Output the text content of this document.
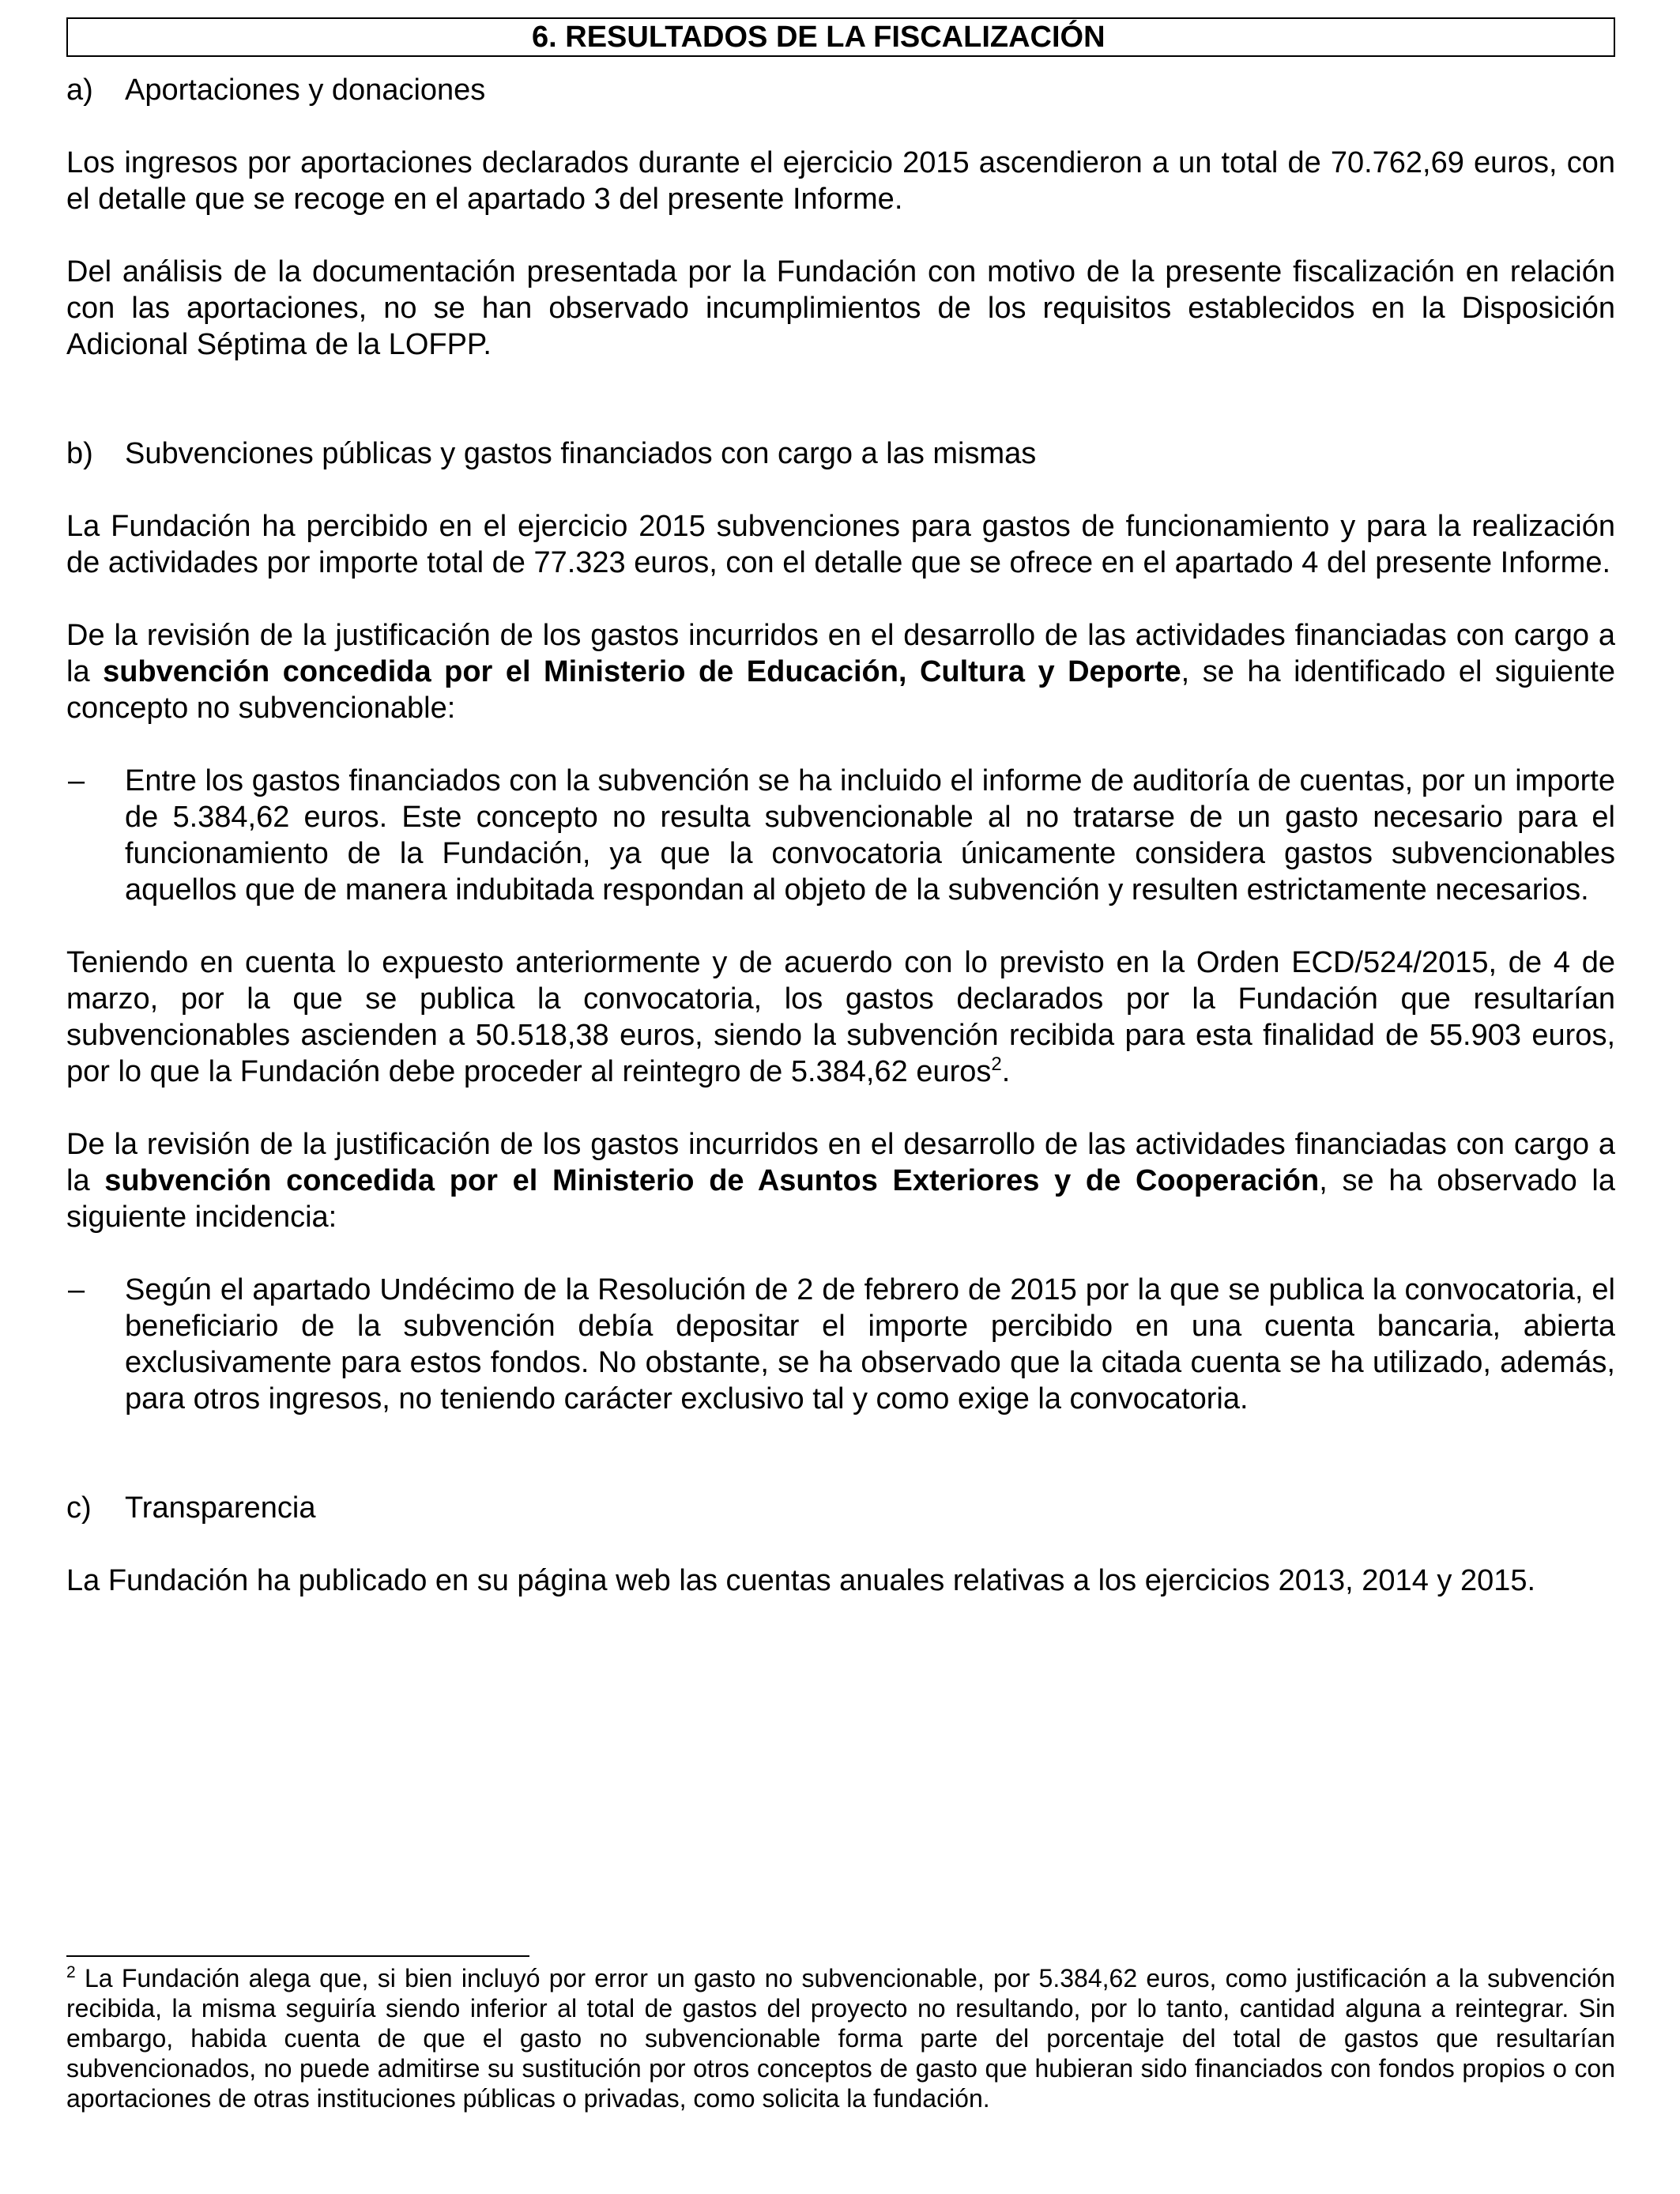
6. RESULTADOS DE LA FISCALIZACIÓN
a)	Aportaciones y donaciones

Los ingresos por aportaciones declarados durante el ejercicio 2015 ascendieron a un total de 70.762,69 euros, con el detalle que se recoge en el apartado 3 del presente Informe.

Del análisis de la documentación presentada por la Fundación con motivo de la presente fiscalización en relación con las aportaciones, no se han observado incumplimientos de los requisitos establecidos en la Disposición Adicional Séptima de la LOFPP.

b)	Subvenciones públicas y gastos financiados con cargo a las mismas

La Fundación ha percibido en el ejercicio 2015 subvenciones para gastos de funcionamiento y para la realización de actividades por importe total de 77.323 euros, con el detalle que se ofrece en el apartado 4 del presente Informe.

De la revisión de la justificación de los gastos incurridos en el desarrollo de las actividades financiadas con cargo a la subvención concedida por el Ministerio de Educación, Cultura y Deporte, se ha identificado el siguiente concepto no subvencionable:

–	Entre los gastos financiados con la subvención se ha incluido el informe de auditoría de cuentas, por un importe de 5.384,62 euros. Este concepto no resulta subvencionable al no tratarse de un gasto necesario para el funcionamiento de la Fundación, ya que la convocatoria únicamente considera gastos subvencionables aquellos que de manera indubitada respondan al objeto de la subvención y resulten estrictamente necesarios.

Teniendo en cuenta lo expuesto anteriormente y de acuerdo con lo previsto en la Orden ECD/524/2015, de 4 de marzo, por la que se publica la convocatoria, los gastos declarados por la Fundación que resultarían subvencionables ascienden a 50.518,38 euros, siendo la subvención recibida para esta finalidad de 55.903 euros, por lo que la Fundación debe proceder al reintegro de 5.384,62 euros$^2$.

De la revisión de la justificación de los gastos incurridos en el desarrollo de las actividades financiadas con cargo a la subvención concedida por el Ministerio de Asuntos Exteriores y de Cooperación, se ha observado la siguiente incidencia:

–	Según el apartado Undécimo de la Resolución de 2 de febrero de 2015 por la que se publica la convocatoria, el beneficiario de la subvención debía depositar el importe percibido en una cuenta bancaria, abierta exclusivamente para estos fondos. No obstante, se ha observado que la citada cuenta se ha utilizado, además, para otros ingresos, no teniendo carácter exclusivo tal y como exige la convocatoria.
c)	Transparencia

La Fundación ha publicado en su página web las cuentas anuales relativas a los ejercicios 2013, 2014 y 2015.

$^2$ La Fundación alega que, si bien incluyó por error un gasto no subvencionable, por 5.384,62 euros, como justificación a la subvención recibida, la misma seguiría siendo inferior al total de gastos del proyecto no resultando, por lo tanto, cantidad alguna a reintegrar. Sin embargo, habida cuenta de que el gasto no subvencionable forma parte del porcentaje del total de gastos que resultarían subvencionados, no puede admitirse su sustitución por otros conceptos de gasto que hubieran sido financiados con fondos propios o con aportaciones de otras instituciones públicas o privadas, como solicita la fundación.
